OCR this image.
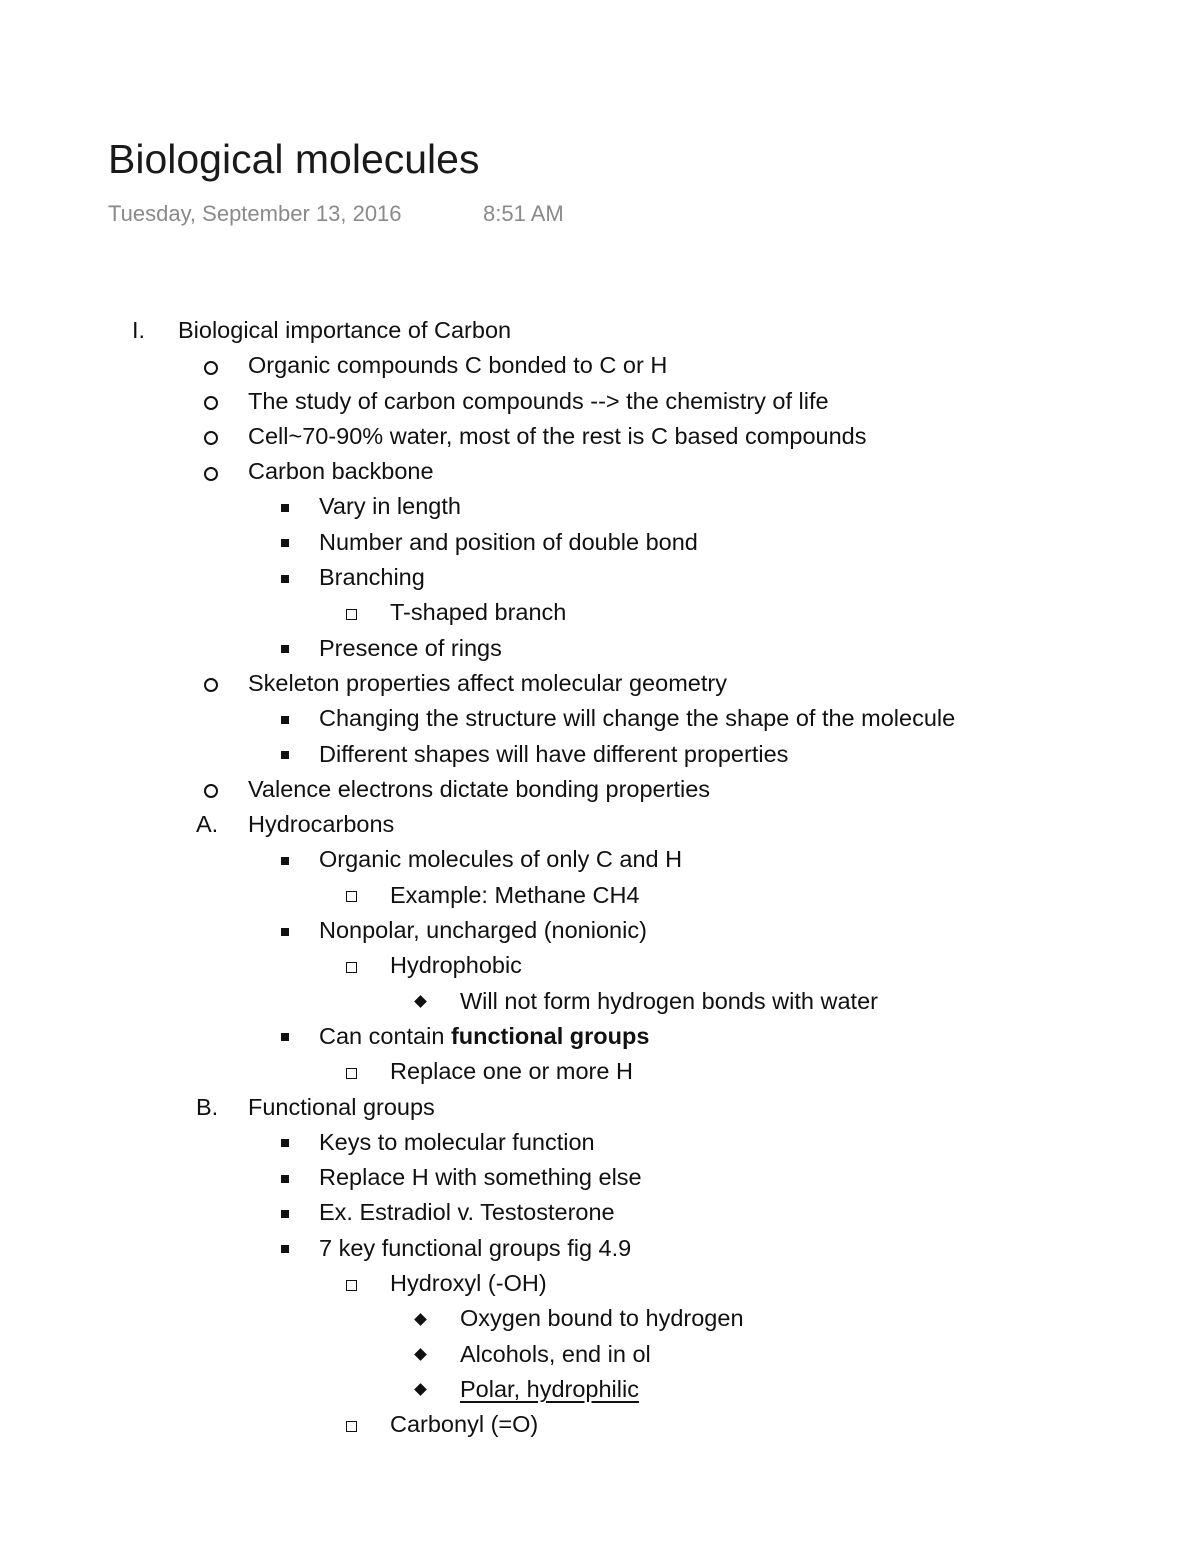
Biological molecules
Tuesday, September 13, 2016	8:51 AM
I. Biological importance of Carbon
Organic compounds C bonded to C or H
The study of carbon compounds --> the chemistry of life
Cell~70-90% water, most of the rest is C based compounds
Carbon backbone
Vary in length
Number and position of double bond
Branching
T-shaped branch
Presence of rings
Skeleton properties affect molecular geometry
Changing the structure will change the shape of the molecule
Different shapes will have different properties
Valence electrons dictate bonding properties
A. Hydrocarbons
Organic molecules of only C and H
Example: Methane CH4
Nonpolar, uncharged (nonionic)
Hydrophobic
Will not form hydrogen bonds with water
Can contain functional groups
Replace one or more H
B. Functional groups
Keys to molecular function
Replace H with something else
Ex. Estradiol v. Testosterone
7 key functional groups fig 4.9
Hydroxyl (-OH)
Oxygen bound to hydrogen
Alcohols, end in ol
Polar, hydrophilic
Carbonyl (=O)
